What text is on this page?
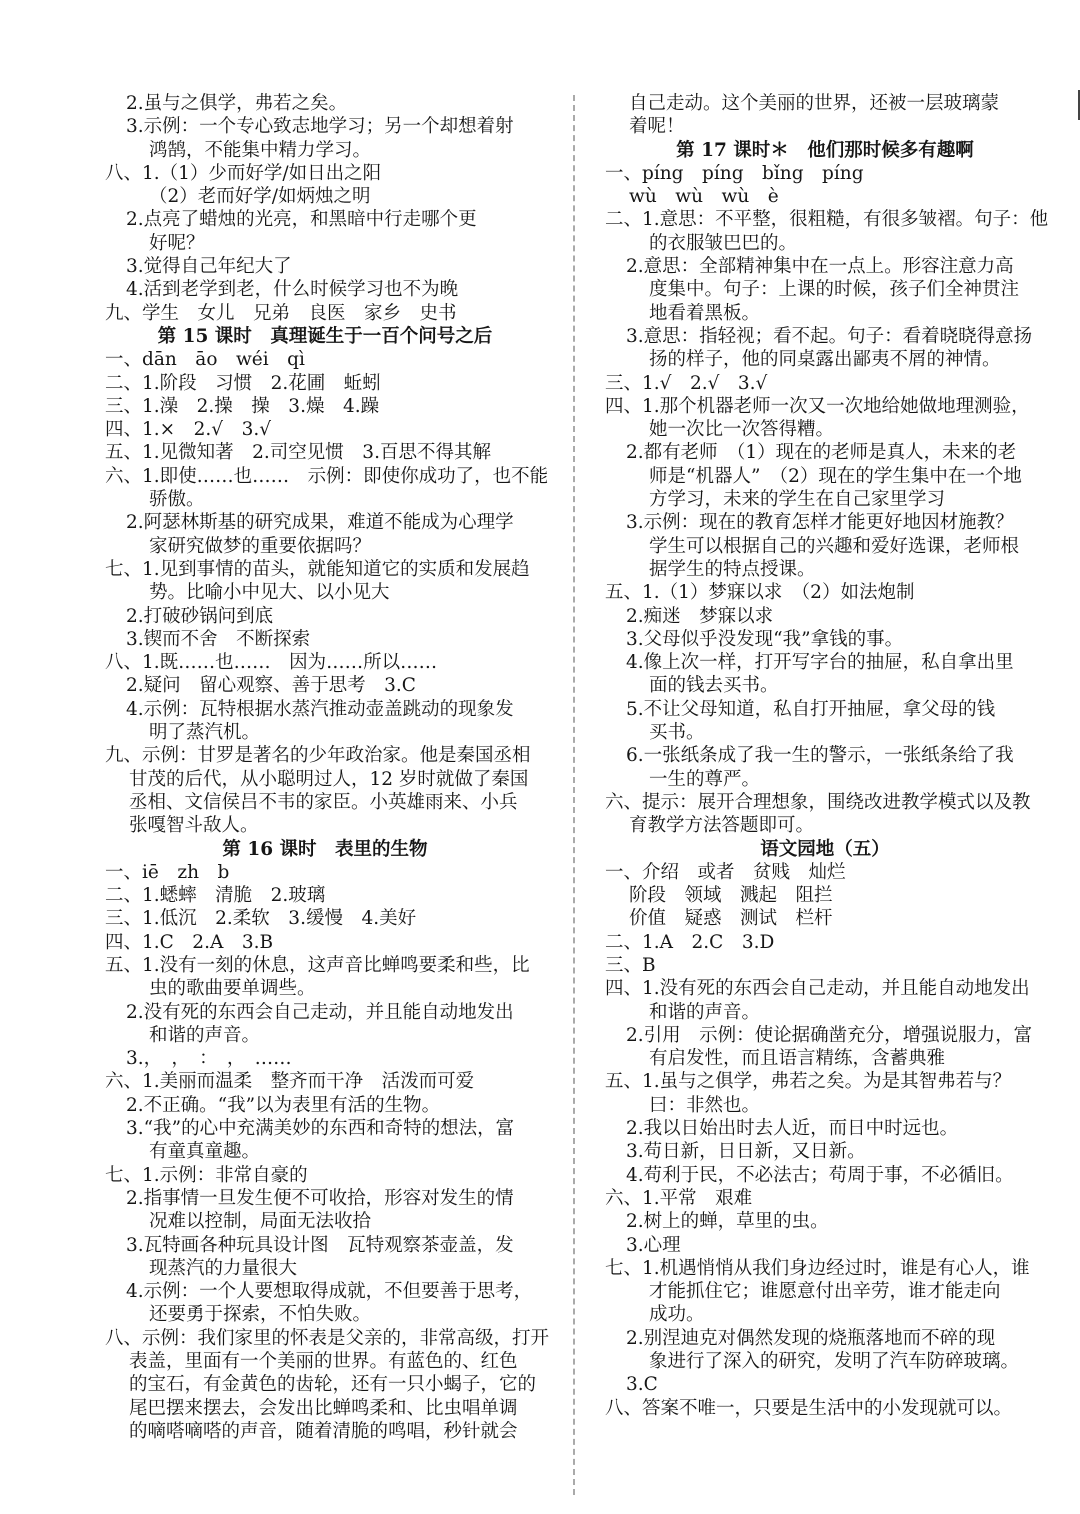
2.虽与之俱学，弗若之矣。
3.示例：一个专心致志地学习；另一个却想着射
鸿鹄，不能集中精力学习。
八、1.（1）少而好学/如日出之阳
（2）老而好学/如炳烛之明
2.点亮了蜡烛的光亮，和黑暗中行走哪个更
好呢？
3.觉得自己年纪大了
4.活到老学到老，什么时候学习也不为晚
九、学生　女儿　兄弟　良医　家乡　史书
第 15 课时　真理诞生于一百个问号之后
一、dān　āo　wéi　qì
二、1.阶段　习惯　2.花圃　蚯蚓
三、1.澡　2.操　操　3.燥　4.躁
四、1.×　2.√　3.√
五、1.见微知著　2.司空见惯　3.百思不得其解
六、1.即使……也……　示例：即使你成功了，也不能
骄傲。
2.阿瑟林斯基的研究成果，难道不能成为心理学
家研究做梦的重要依据吗？
七、1.见到事情的苗头，就能知道它的实质和发展趋
势。比喻小中见大、以小见大
2.打破砂锅问到底
3.锲而不舍　不断探索
八、1.既……也……　因为……所以……
2.疑问　留心观察、善于思考　3.C
4.示例：瓦特根据水蒸汽推动壶盖跳动的现象发
明了蒸汽机。
九、示例：甘罗是著名的少年政治家。他是秦国丞相
甘茂的后代，从小聪明过人，12 岁时就做了秦国
丞相、文信侯吕不韦的家臣。小英雄雨来、小兵
张嘎智斗敌人。
第 16 课时　表里的生物
一、iē　zh　b
二、1.蟋蟀　清脆　2.玻璃
三、1.低沉　2.柔软　3.缓慢　4.美好
四、1.C　2.A　3.B
五、1.没有一刻的休息，这声音比蝉鸣要柔和些，比
虫的歌曲要单调些。
2.没有死的东西会自己走动，并且能自动地发出
和谐的声音。
3.，　，　：　，　……
六、1.美丽而温柔　整齐而干净　活泼而可爱
2.不正确。“我”以为表里有活的生物。
3.“我”的心中充满美妙的东西和奇特的想法，富
有童真童趣。
七、1.示例：非常自豪的
2.指事情一旦发生便不可收拾，形容对发生的情
况难以控制，局面无法收拾
3.瓦特画各种玩具设计图　瓦特观察茶壶盖，发
现蒸汽的力量很大
4.示例：一个人要想取得成就，不但要善于思考，
还要勇于探索，不怕失败。
八、示例：我们家里的怀表是父亲的，非常高级，打开
表盖，里面有一个美丽的世界。有蓝色的、红色
的宝石，有金黄色的齿轮，还有一只小蝎子，它的
尾巴摆来摆去，会发出比蝉鸣柔和、比虫唱单调
的嘀嗒嘀嗒的声音，随着清脆的鸣唱，秒针就会
自己走动。这个美丽的世界，还被一层玻璃蒙
着呢！
第 17 课时＊　他们那时候多有趣啊
一、píng　píng　bǐng　píng
wù　wù　wù　è
二、1.意思：不平整，很粗糙，有很多皱褶。句子：他
的衣服皱巴巴的。
2.意思：全部精神集中在一点上。形容注意力高
度集中。句子：上课的时候，孩子们全神贯注
地看着黑板。
3.意思：指轻视；看不起。句子：看着晓晓得意扬
扬的样子，他的同桌露出鄙夷不屑的神情。
三、1.√　2.√　3.√
四、1.那个机器老师一次又一次地给她做地理测验，
她一次比一次答得糟。
2.都有老师　（1）现在的老师是真人，未来的老
师是“机器人”　（2）现在的学生集中在一个地
方学习，未来的学生在自己家里学习
3.示例：现在的教育怎样才能更好地因材施教？
学生可以根据自己的兴趣和爱好选课，老师根
据学生的特点授课。
五、1.（1）梦寐以求　（2）如法炮制
2.痴迷　梦寐以求
3.父母似乎没发现“我”拿钱的事。
4.像上次一样，打开写字台的抽屉，私自拿出里
面的钱去买书。
5.不让父母知道，私自打开抽屉，拿父母的钱
买书。
6.一张纸条成了我一生的警示，一张纸条给了我
一生的尊严。
六、提示：展开合理想象，围绕改进教学模式以及教
育教学方法答题即可。
语文园地（五）
一、介绍　或者　贫贱　灿烂
阶段　领域　溅起　阻拦
价值　疑惑　测试　栏杆
二、1.A　2.C　3.D
三、B
四、1.没有死的东西会自己走动，并且能自动地发出
和谐的声音。
2.引用　示例：使论据确凿充分，增强说服力，富
有启发性，而且语言精练，含蓄典雅
五、1.虽与之俱学，弗若之矣。为是其智弗若与？
曰：非然也。
2.我以日始出时去人近，而日中时远也。
3.苟日新，日日新，又日新。
4.苟利于民，不必法古；苟周于事，不必循旧。
六、1.平常　艰难
2.树上的蝉，草里的虫。
3.心理
七、1.机遇悄悄从我们身边经过时，谁是有心人，谁
才能抓住它；谁愿意付出辛劳，谁才能走向
成功。
2.别涅迪克对偶然发现的烧瓶落地而不碎的现
象进行了深入的研究，发明了汽车防碎玻璃。
3.C
八、答案不唯一，只要是生活中的小发现就可以。
